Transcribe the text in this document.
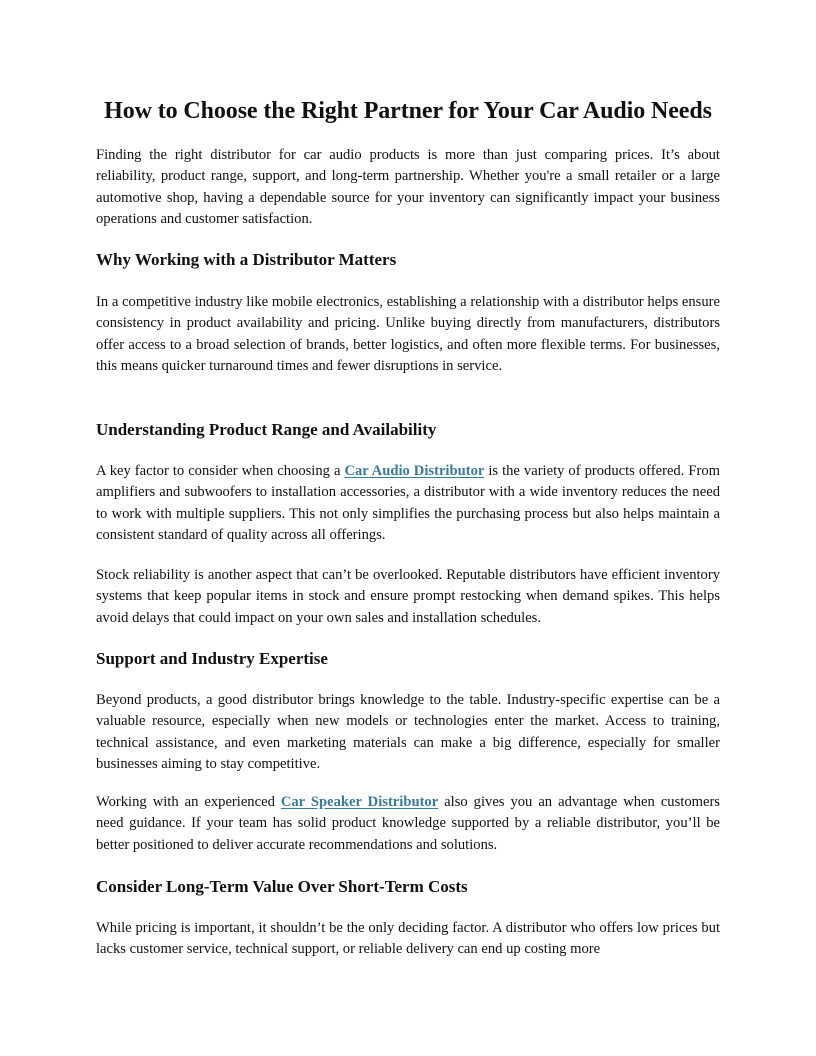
How to Choose the Right Partner for Your Car Audio Needs

Finding the right distributor for car audio products is more than just comparing prices. It’s about reliability, product range, support, and long-term partnership. Whether you're a small retailer or a large automotive shop, having a dependable source for your inventory can significantly impact your business operations and customer satisfaction.

Why Working with a Distributor Matters

In a competitive industry like mobile electronics, establishing a relationship with a distributor helps ensure consistency in product availability and pricing. Unlike buying directly from manufacturers, distributors offer access to a broad selection of brands, better logistics, and often more flexible terms. For businesses, this means quicker turnaround times and fewer disruptions in service.

Understanding Product Range and Availability

A key factor to consider when choosing a Car Audio Distributor is the variety of products offered. From amplifiers and subwoofers to installation accessories, a distributor with a wide inventory reduces the need to work with multiple suppliers. This not only simplifies the purchasing process but also helps maintain a consistent standard of quality across all offerings.

Stock reliability is another aspect that can’t be overlooked. Reputable distributors have efficient inventory systems that keep popular items in stock and ensure prompt restocking when demand spikes. This helps avoid delays that could impact on your own sales and installation schedules.

Support and Industry Expertise

Beyond products, a good distributor brings knowledge to the table. Industry-specific expertise can be a valuable resource, especially when new models or technologies enter the market. Access to training, technical assistance, and even marketing materials can make a big difference, especially for smaller businesses aiming to stay competitive.

Working with an experienced Car Speaker Distributor also gives you an advantage when customers need guidance. If your team has solid product knowledge supported by a reliable distributor, you’ll be better positioned to deliver accurate recommendations and solutions.

Consider Long-Term Value Over Short-Term Costs

While pricing is important, it shouldn’t be the only deciding factor. A distributor who offers low prices but lacks customer service, technical support, or reliable delivery can end up costing more
